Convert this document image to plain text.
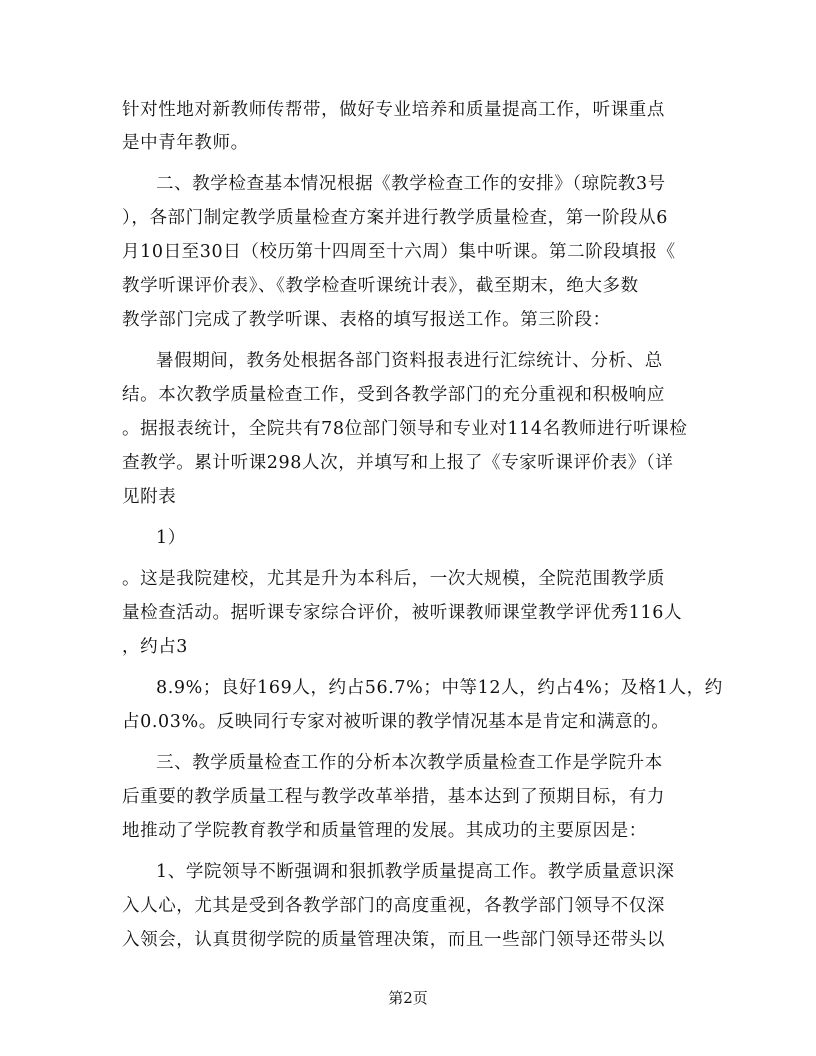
针对性地对新教师传帮带，做好专业培养和质量提高工作，听课重点
是中青年教师。
二、教学检查基本情况根据《教学检查工作的安排》（琼院教3号
），各部门制定教学质量检查方案并进行教学质量检查，第一阶段从6
月10日至30日（校历第十四周至十六周）集中听课。第二阶段填报《
教学听课评价表》、《教学检查听课统计表》，截至期末，绝大多数
教学部门完成了教学听课、表格的填写报送工作。第三阶段：
暑假期间，教务处根据各部门资料报表进行汇综统计、分析、总
结。本次教学质量检查工作，受到各教学部门的充分重视和积极响应
。据报表统计，全院共有78位部门领导和专业对114名教师进行听课检
查教学。累计听课298人次，并填写和上报了《专家听课评价表》（详
见附表
1）
。这是我院建校，尤其是升为本科后，一次大规模，全院范围教学质
量检查活动。据听课专家综合评价，被听课教师课堂教学评优秀116人
，约占3
8.9%；良好169人，约占56.7%；中等12人，约占4%；及格1人，约
占0.03%。反映同行专家对被听课的教学情况基本是肯定和满意的。
三、教学质量检查工作的分析本次教学质量检查工作是学院升本
后重要的教学质量工程与教学改革举措，基本达到了预期目标，有力
地推动了学院教育教学和质量管理的发展。其成功的主要原因是：
1、学院领导不断强调和狠抓教学质量提高工作。教学质量意识深
入人心，尤其是受到各教学部门的高度重视，各教学部门领导不仅深
入领会，认真贯彻学院的质量管理决策，而且一些部门领导还带头以
第2页
